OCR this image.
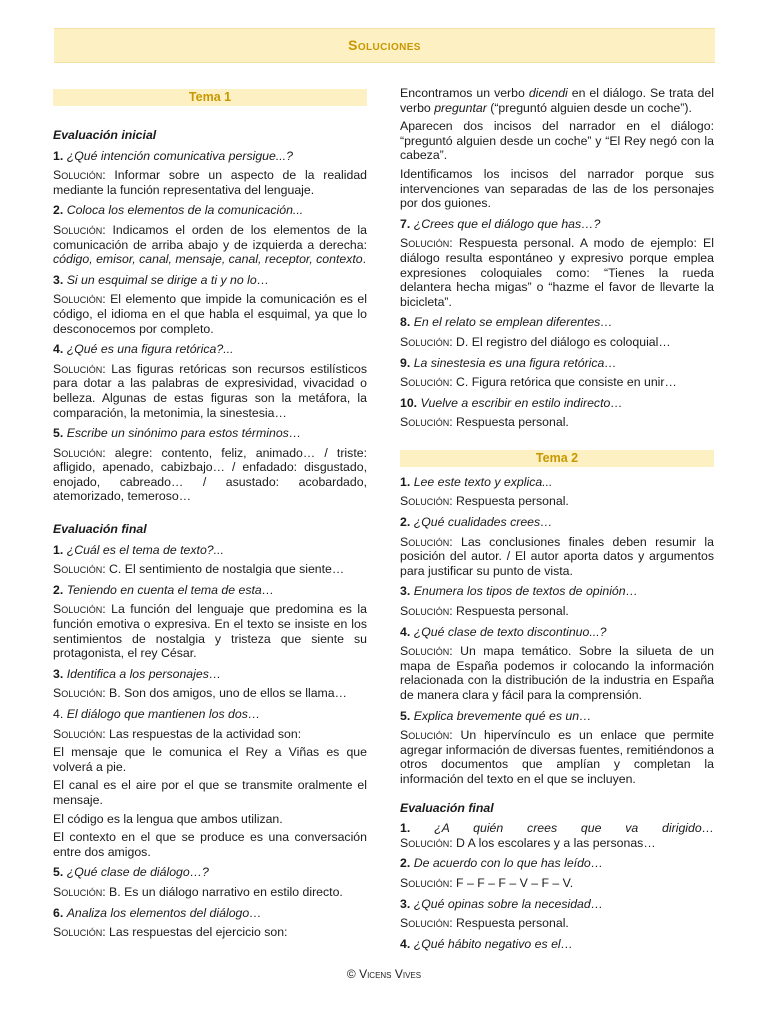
Soluciones
Tema 1
Evaluación inicial
1. ¿Qué intención comunicativa persigue...?
Solución: Informar sobre un aspecto de la realidad mediante la función representativa del lenguaje.
2. Coloca los elementos de la comunicación...
Solución: Indicamos el orden de los elementos de la comunicación de arriba abajo y de izquierda a derecha: código, emisor, canal, mensaje, canal, receptor, contexto.
3. Si un esquimal se dirige a ti y no lo…
Solución: El elemento que impide la comunicación es el código, el idioma en el que habla el esquimal, ya que lo desconocemos por completo.
4. ¿Qué es una figura retórica?...
Solución: Las figuras retóricas son recursos estilísticos para dotar a las palabras de expresividad, vivacidad o belleza. Algunas de estas figuras son la metáfora, la comparación, la metonimia, la sinestesia…
5. Escribe un sinónimo para estos términos…
Solución: alegre: contento, feliz, animado… / triste: afligido, apenado, cabizbajo… / enfadado: disgustado, enojado, cabreado… / asustado: acobardado, atemorizado, temeroso…
Evaluación final
1. ¿Cuál es el tema de texto?...
Solución: C. El sentimiento de nostalgia que siente…
2. Teniendo en cuenta el tema de esta…
Solución: La función del lenguaje que predomina es la función emotiva o expresiva. En el texto se insiste en los sentimientos de nostalgia y tristeza que siente su protagonista, el rey César.
3. Identifica a los personajes…
Solución: B. Son dos amigos, uno de ellos se llama…
4. El diálogo que mantienen los dos…
Solución: Las respuestas de la actividad son:
El mensaje que le comunica el Rey a Viñas es que volverá a pie.
El canal es el aire por el que se transmite oralmente el mensaje.
El código es la lengua que ambos utilizan.
El contexto en el que se produce es una conversación entre dos amigos.
5. ¿Qué clase de diálogo…?
Solución: B. Es un diálogo narrativo en estilo directo.
6. Analiza los elementos del diálogo…
Solución: Las respuestas del ejercicio son:
Encontramos un verbo dicendi en el diálogo. Se trata del verbo preguntar (“preguntó alguien desde un coche”).
Aparecen dos incisos del narrador en el diálogo: “preguntó alguien desde un coche” y “El Rey negó con la cabeza”.
Identificamos los incisos del narrador porque sus intervenciones van separadas de las de los personajes por dos guiones.
7. ¿Crees que el diálogo que has…?
Solución: Respuesta personal. A modo de ejemplo: El diálogo resulta espontáneo y expresivo porque emplea expresiones coloquiales como: “Tienes la rueda delantera hecha migas” o “hazme el favor de llevarte la bicicleta”.
8. En el relato se emplean diferentes…
Solución: D. El registro del diálogo es coloquial…
9. La sinestesia es una figura retórica…
Solución: C. Figura retórica que consiste en unir…
10. Vuelve a escribir en estilo indirecto…
Solución: Respuesta personal.
Tema 2
1. Lee este texto y explica...
Solución: Respuesta personal.
2. ¿Qué cualidades crees…
Solución: Las conclusiones finales deben resumir la posición del autor. / El autor aporta datos y argumentos para justificar su punto de vista.
3. Enumera los tipos de textos de opinión…
Solución: Respuesta personal.
4. ¿Qué clase de texto discontinuo...?
Solución: Un mapa temático. Sobre la silueta de un mapa de España podemos ir colocando la información relacionada con la distribución de la industria en España de manera clara y fácil para la comprensión.
5. Explica brevemente qué es un…
Solución: Un hipervínculo es un enlace que permite agregar información de diversas fuentes, remitiéndonos a otros documentos que amplían y completan la información del texto en el que se incluyen.
Evaluación final
1. ¿A quién crees que va dirigido…
Solución: D A los escolares y a las personas…
2. De acuerdo con lo que has leído…
Solución: F – F – F – V – F – V.
3. ¿Qué opinas sobre la necesidad…
Solución: Respuesta personal.
4. ¿Qué hábito negativo es el…
© Vicens Vives
